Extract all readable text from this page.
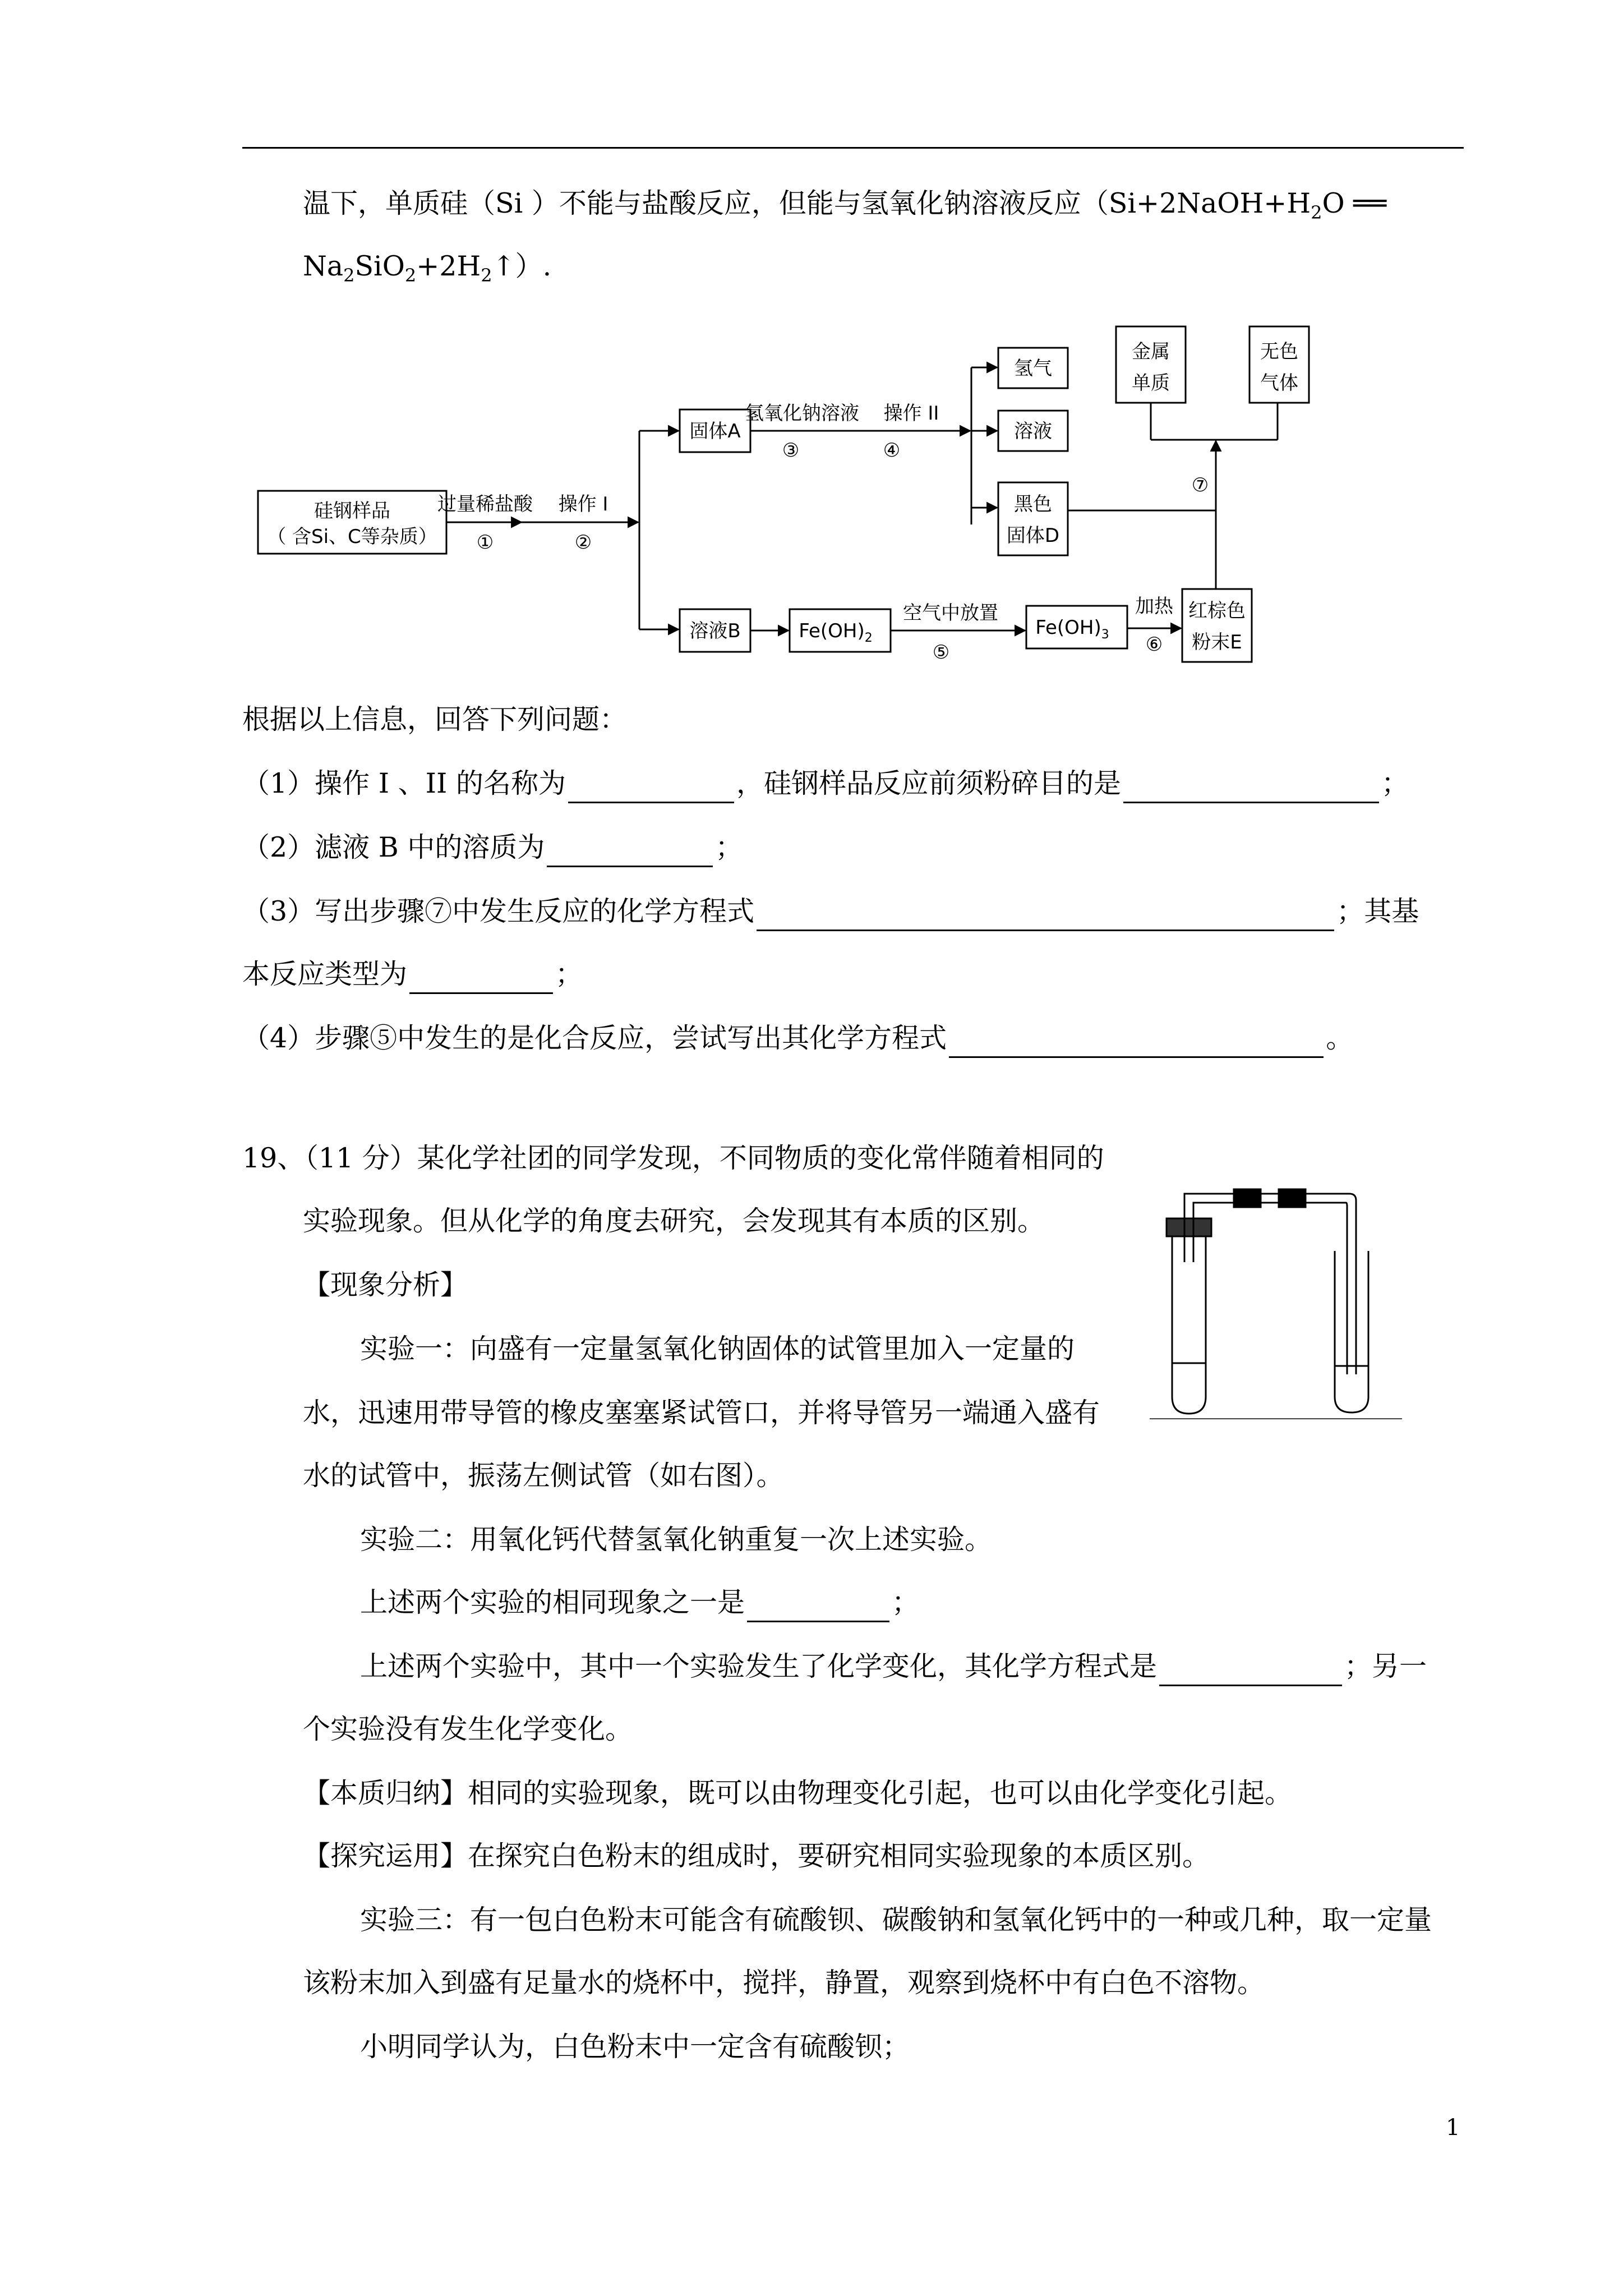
温下，单质硅（Si ）不能与盐酸反应，但能与氢氧化钠溶液反应（$Si+2NaOH+H_2O$ ══
$Na_2SiO_2+2H_2↑$）.
硅钢样品
（ 含Si、C等杂质）
过量稀盐酸
①
操作 I
②
固体A
氢氧化钠溶液
③
操作 II
④
氢气
溶液
黑色
固体D
金属
单质
无色
气体
⑦
溶液B	$Fe(OH)_2$
空气中放置
⑤
$Fe(OH)_3$
加热
⑥
红棕色
粉末E
根据以上信息，回答下列问题：
（1）操作 I 、II 的名称为	，硅钢样品反应前须粉碎目的是	；
（2）滤液 B 中的溶质为	；
（3）写出步骤⑦中发生反应的化学方程式	；其基
本反应类型为	；
（4）步骤⑤中发生的是化合反应，尝试写出其化学方程式	。
19、（11 分）某化学社团的同学发现，不同物质的变化常伴随着相同的
实验现象。但从化学的角度去研究，会发现其有本质的区别。
【现象分析】
实验一：向盛有一定量氢氧化钠固体的试管里加入一定量的
水，迅速用带导管的橡皮塞塞紧试管口，并将导管另一端通入盛有
水的试管中，振荡左侧试管（如右图）。
实验二：用氧化钙代替氢氧化钠重复一次上述实验。
上述两个实验的相同现象之一是	；
上述两个实验中，其中一个实验发生了化学变化，其化学方程式是	；另一
个实验没有发生化学变化。
【本质归纳】相同的实验现象，既可以由物理变化引起，也可以由化学变化引起。
【探究运用】在探究白色粉末的组成时，要研究相同实验现象的本质区别。
实验三：有一包白色粉末可能含有硫酸钡、碳酸钠和氢氧化钙中的一种或几种，取一定量
该粉末加入到盛有足量水的烧杯中，搅拌，静置，观察到烧杯中有白色不溶物。
小明同学认为，白色粉末中一定含有硫酸钡；
1
